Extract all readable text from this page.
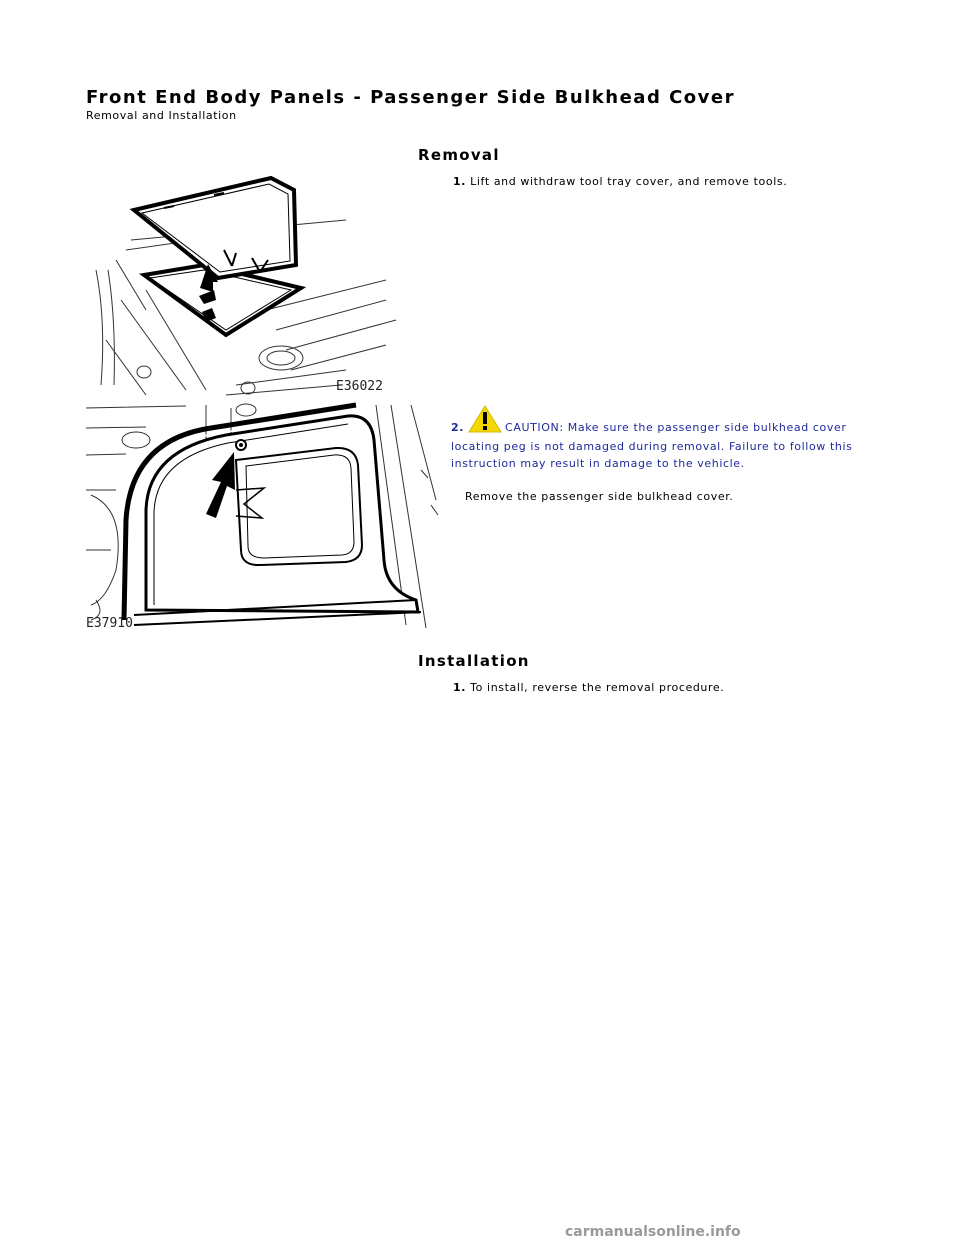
Front End Body Panels - Passenger Side Bulkhead Cover
Removal and Installation
Removal
1. Lift and withdraw tool tray cover, and remove tools.
E36022
E37910
2.	CAUTION: Make sure the passenger side bulkhead cover locating peg is not damaged during removal. Failure to follow this instruction may result in damage to the vehicle.
Remove the passenger side bulkhead cover.
Installation
1. To install, reverse the removal procedure.
carmanualsonline.info
